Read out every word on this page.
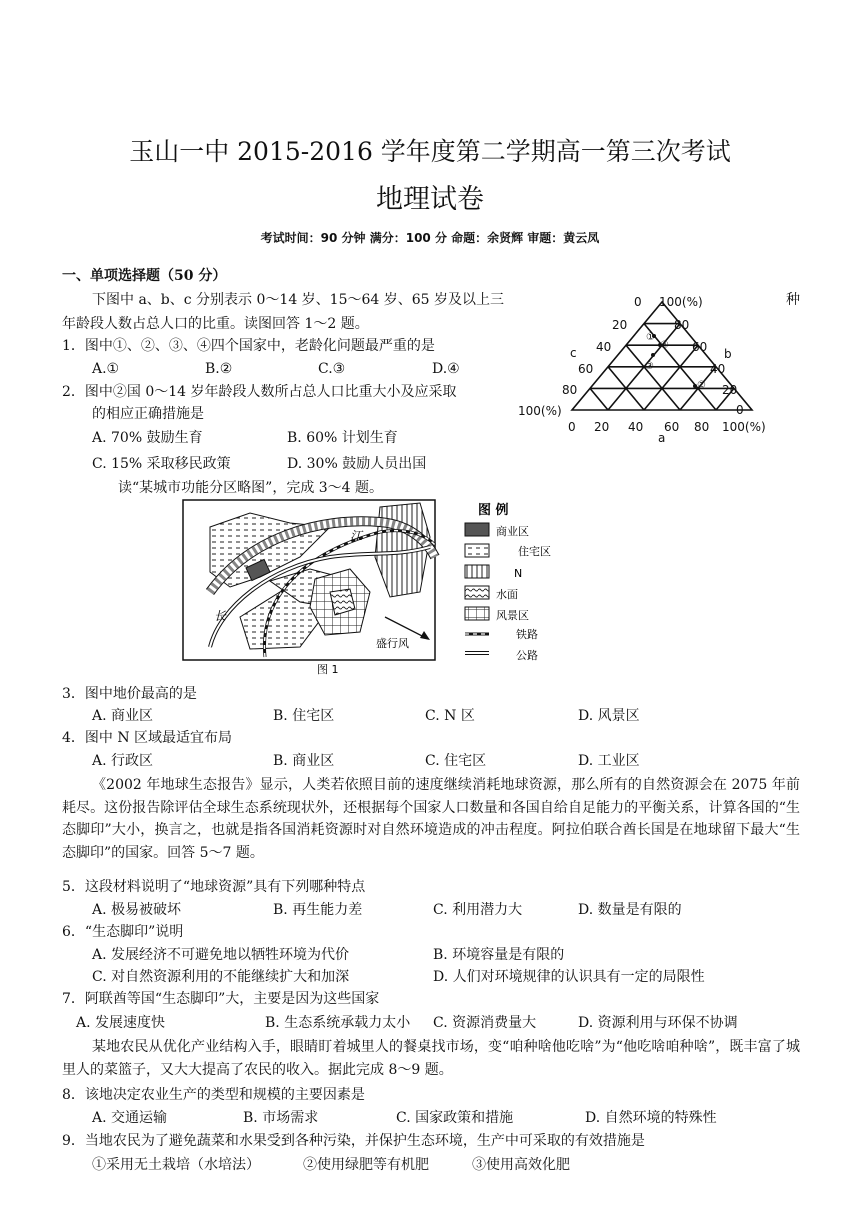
玉山一中 2015-2016 学年度第二学期高一第三次考试
地理试卷
考试时间：90 分钟 满分：100 分 命题：余贤辉 审题：黄云凤
一、单项选择题（50 分）
下图中 a、b、c 分别表示 0～14 岁、15～64 岁、65 岁及以上三	种
年龄段人数占总人口的比重。读图回答 1～2 题。
1．图中①、②、③、④四个国家中，老龄化问题最严重的是
A.①	B.②	C.③	D.④
2．图中②国 0～14 岁年龄段人数所占总人口比重大小及应采取
的相应正确措施是
A. 70% 鼓励生育	B. 60% 计划生育
C. 15% 采取移民政策	D. 30% 鼓励人员出国
读“某城市功能分区略图”，完成 3～4 题。
0
20
40
60
80
100(%)
100(%)
80
60
40
20
0
0 20 40 60 80 100(%)
a
b
c
①
②
③
④
江
长
盛行风
图 1
图 例
商业区
住宅区
N
水面
风景区
铁路
公路
3．图中地价最高的是
A. 商业区	B. 住宅区	C. N 区	D. 风景区
4．图中 N 区域最适宜布局
A. 行政区	B. 商业区	C. 住宅区	D. 工业区
《2002 年地球生态报告》显示，人类若依照目前的速度继续消耗地球资源，那么所有的自然资源会在 2075 年前耗尽。这份报告除评估全球生态系统现状外，还根据每个国家人口数量和各国自给自足能力的平衡关系，计算各国的“生态脚印”大小，换言之，也就是指各国消耗资源时对自然环境造成的冲击程度。阿拉伯联合酋长国是在地球留下最大“生态脚印”的国家。回答 5～7 题。
5．这段材料说明了“地球资源”具有下列哪种特点
A. 极易被破坏	B. 再生能力差	C. 利用潜力大	D. 数量是有限的
6．“生态脚印”说明
A. 发展经济不可避免地以牺牲环境为代价	B. 环境容量是有限的
C. 对自然资源利用的不能继续扩大和加深	D. 人们对环境规律的认识具有一定的局限性
7．阿联酋等国“生态脚印”大，主要是因为这些国家
A. 发展速度快	B. 生态系统承载力太小 C. 资源消费量大	D. 资源利用与环保不协调
某地农民从优化产业结构入手，眼睛盯着城里人的餐桌找市场，变“咱种啥他吃啥”为“他吃啥咱种啥”，既丰富了城里人的菜篮子，又大大提高了农民的收入。据此完成 8～9 题。
8．该地决定农业生产的类型和规模的主要因素是
A. 交通运输	B. 市场需求	C. 国家政策和措施	D. 自然环境的特殊性
9．当地农民为了避免蔬菜和水果受到各种污染，并保护生态环境，生产中可采取的有效措施是
①采用无土栽培（水培法）	②使用绿肥等有机肥	③使用高效化肥
